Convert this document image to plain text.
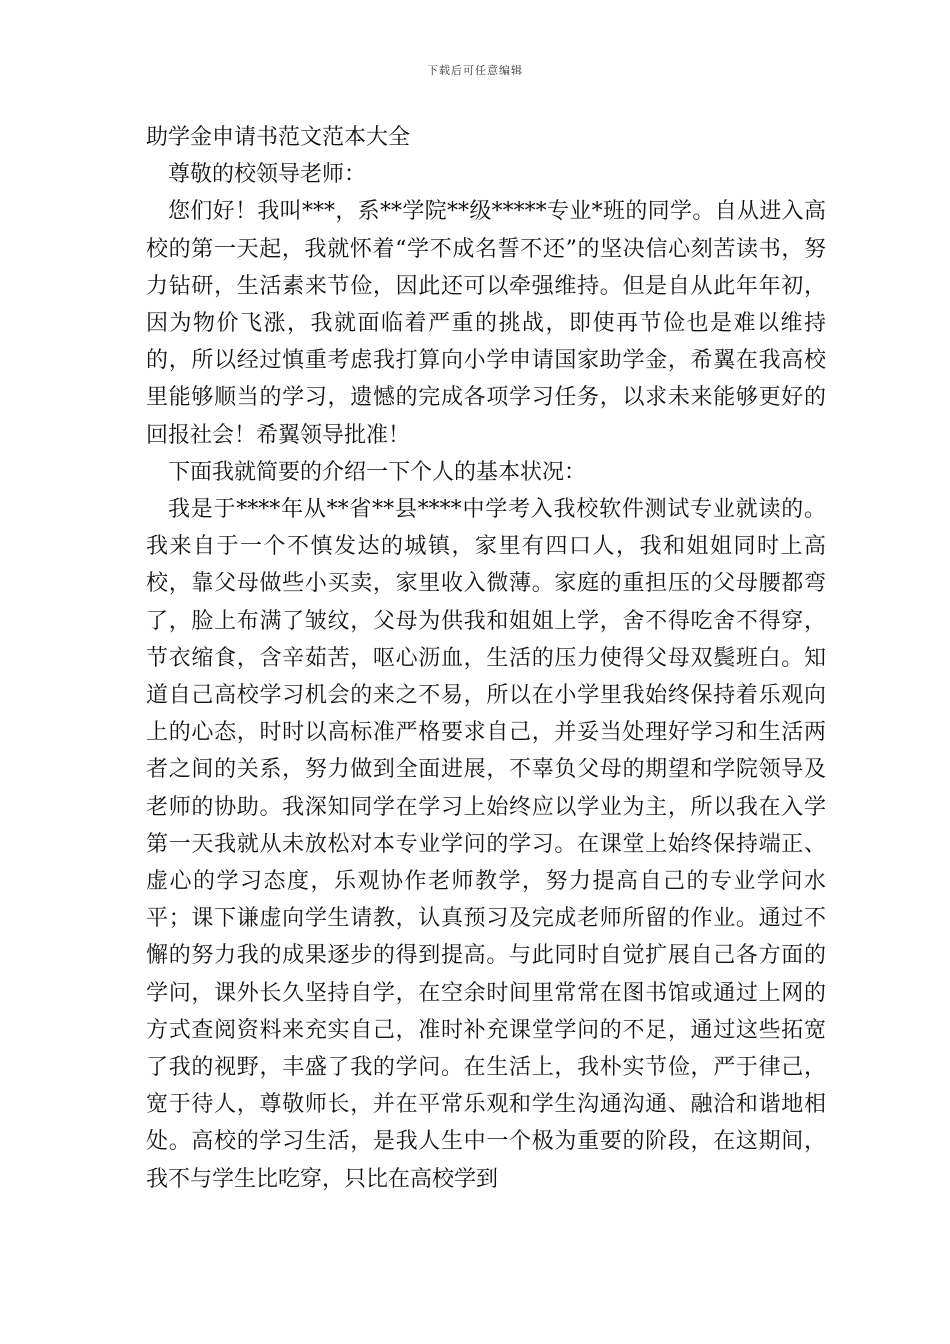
下载后可任意编辑

助学金申请书范文范本大全

尊敬的校领导老师：

您们好！我叫***，系**学院**级*****专业*班的同学。自从进入高校的第一天起，我就怀着“学不成名誓不还”的坚决信心刻苦读书，努力钻研，生活素来节俭，因此还可以牵强维持。但是自从此年年初，因为物价飞涨，我就面临着严重的挑战，即使再节俭也是难以维持的，所以经过慎重考虑我打算向小学申请国家助学金，希翼在我高校里能够顺当的学习，遗憾的完成各项学习任务，以求未来能够更好的回报社会！希翼领导批准！

下面我就简要的介绍一下个人的基本状况：

我是于****年从**省**县****中学考入我校软件测试专业就读的。我来自于一个不慎发达的城镇，家里有四口人，我和姐姐同时上高校，靠父母做些小买卖，家里收入微薄。家庭的重担压的父母腰都弯了，脸上布满了皱纹，父母为供我和姐姐上学，舍不得吃舍不得穿，节衣缩食，含辛茹苦，呕心沥血，生活的压力使得父母双鬓班白。知道自己高校学习机会的来之不易，所以在小学里我始终保持着乐观向上的心态，时时以高标准严格要求自己，并妥当处理好学习和生活两者之间的关系，努力做到全面进展，不辜负父母的期望和学院领导及老师的协助。我深知同学在学习上始终应以学业为主，所以我在入学第一天我就从未放松对本专业学问的学习。在课堂上始终保持端正、虚心的学习态度，乐观协作老师教学，努力提高自己的专业学问水平；课下谦虚向学生请教，认真预习及完成老师所留的作业。通过不懈的努力我的成果逐步的得到提高。与此同时自觉扩展自己各方面的学问，课外长久坚持自学，在空余时间里常常在图书馆或通过上网的方式查阅资料来充实自己，准时补充课堂学问的不足，通过这些拓宽了我的视野，丰盛了我的学问。在生活上，我朴实节俭，严于律己，宽于待人，尊敬师长，并在平常乐观和学生沟通沟通、融洽和谐地相处。高校的学习生活，是我人生中一个极为重要的阶段，在这期间，我不与学生比吃穿，只比在高校学到
